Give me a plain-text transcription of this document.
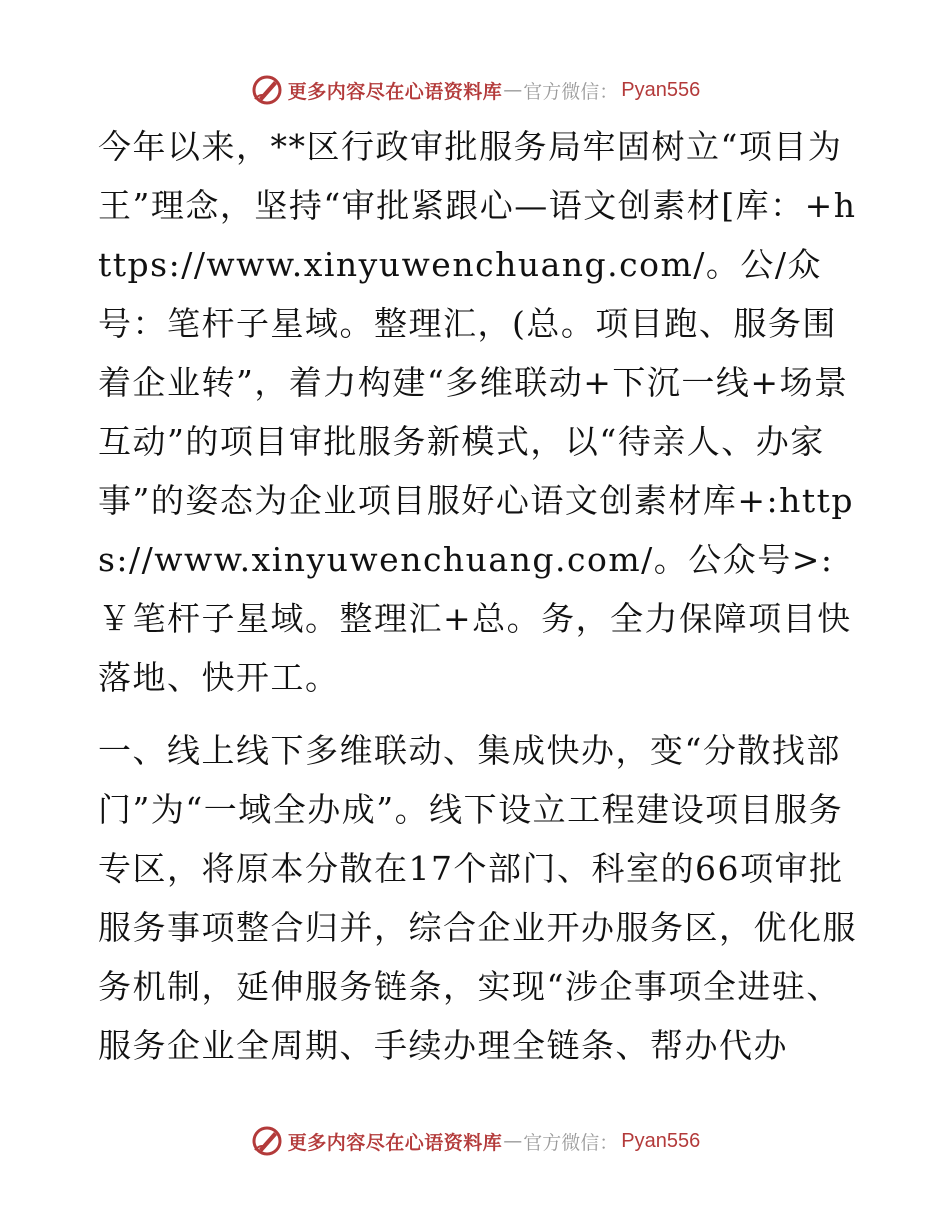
更多内容尽在心语资料库 — 官方微信： Pyan556

今年以来，**区行政审批服务局牢固树立“项目为王”理念，坚持“审批紧跟心—语文创素材[库：+https://www.xinyuwenchuang.com/。公/众号：笔杆子星域。整理汇，(总。项目跑、服务围着企业转”，着力构建“多维联动+下沉一线+场景互动”的项目审批服务新模式，以“待亲人、办家事”的姿态为企业项目服好心语文创素材库+:https://www.xinyuwenchuang.com/。公众号>:￥笔杆子星域。整理汇+总。务，全力保障项目快落地、快开工。

一、线上线下多维联动、集成快办，变“分散找部门”为“一域全办成”。线下设立工程建设项目服务专区，将原本分散在17个部门、科室的66项审批服务事项整合归并，综合企业开办服务区，优化服务机制，延伸服务链条，实现“涉企事项全进驻、服务企业全周期、手续办理全链条、帮办代办

更多内容尽在心语资料库 — 官方微信： Pyan556
